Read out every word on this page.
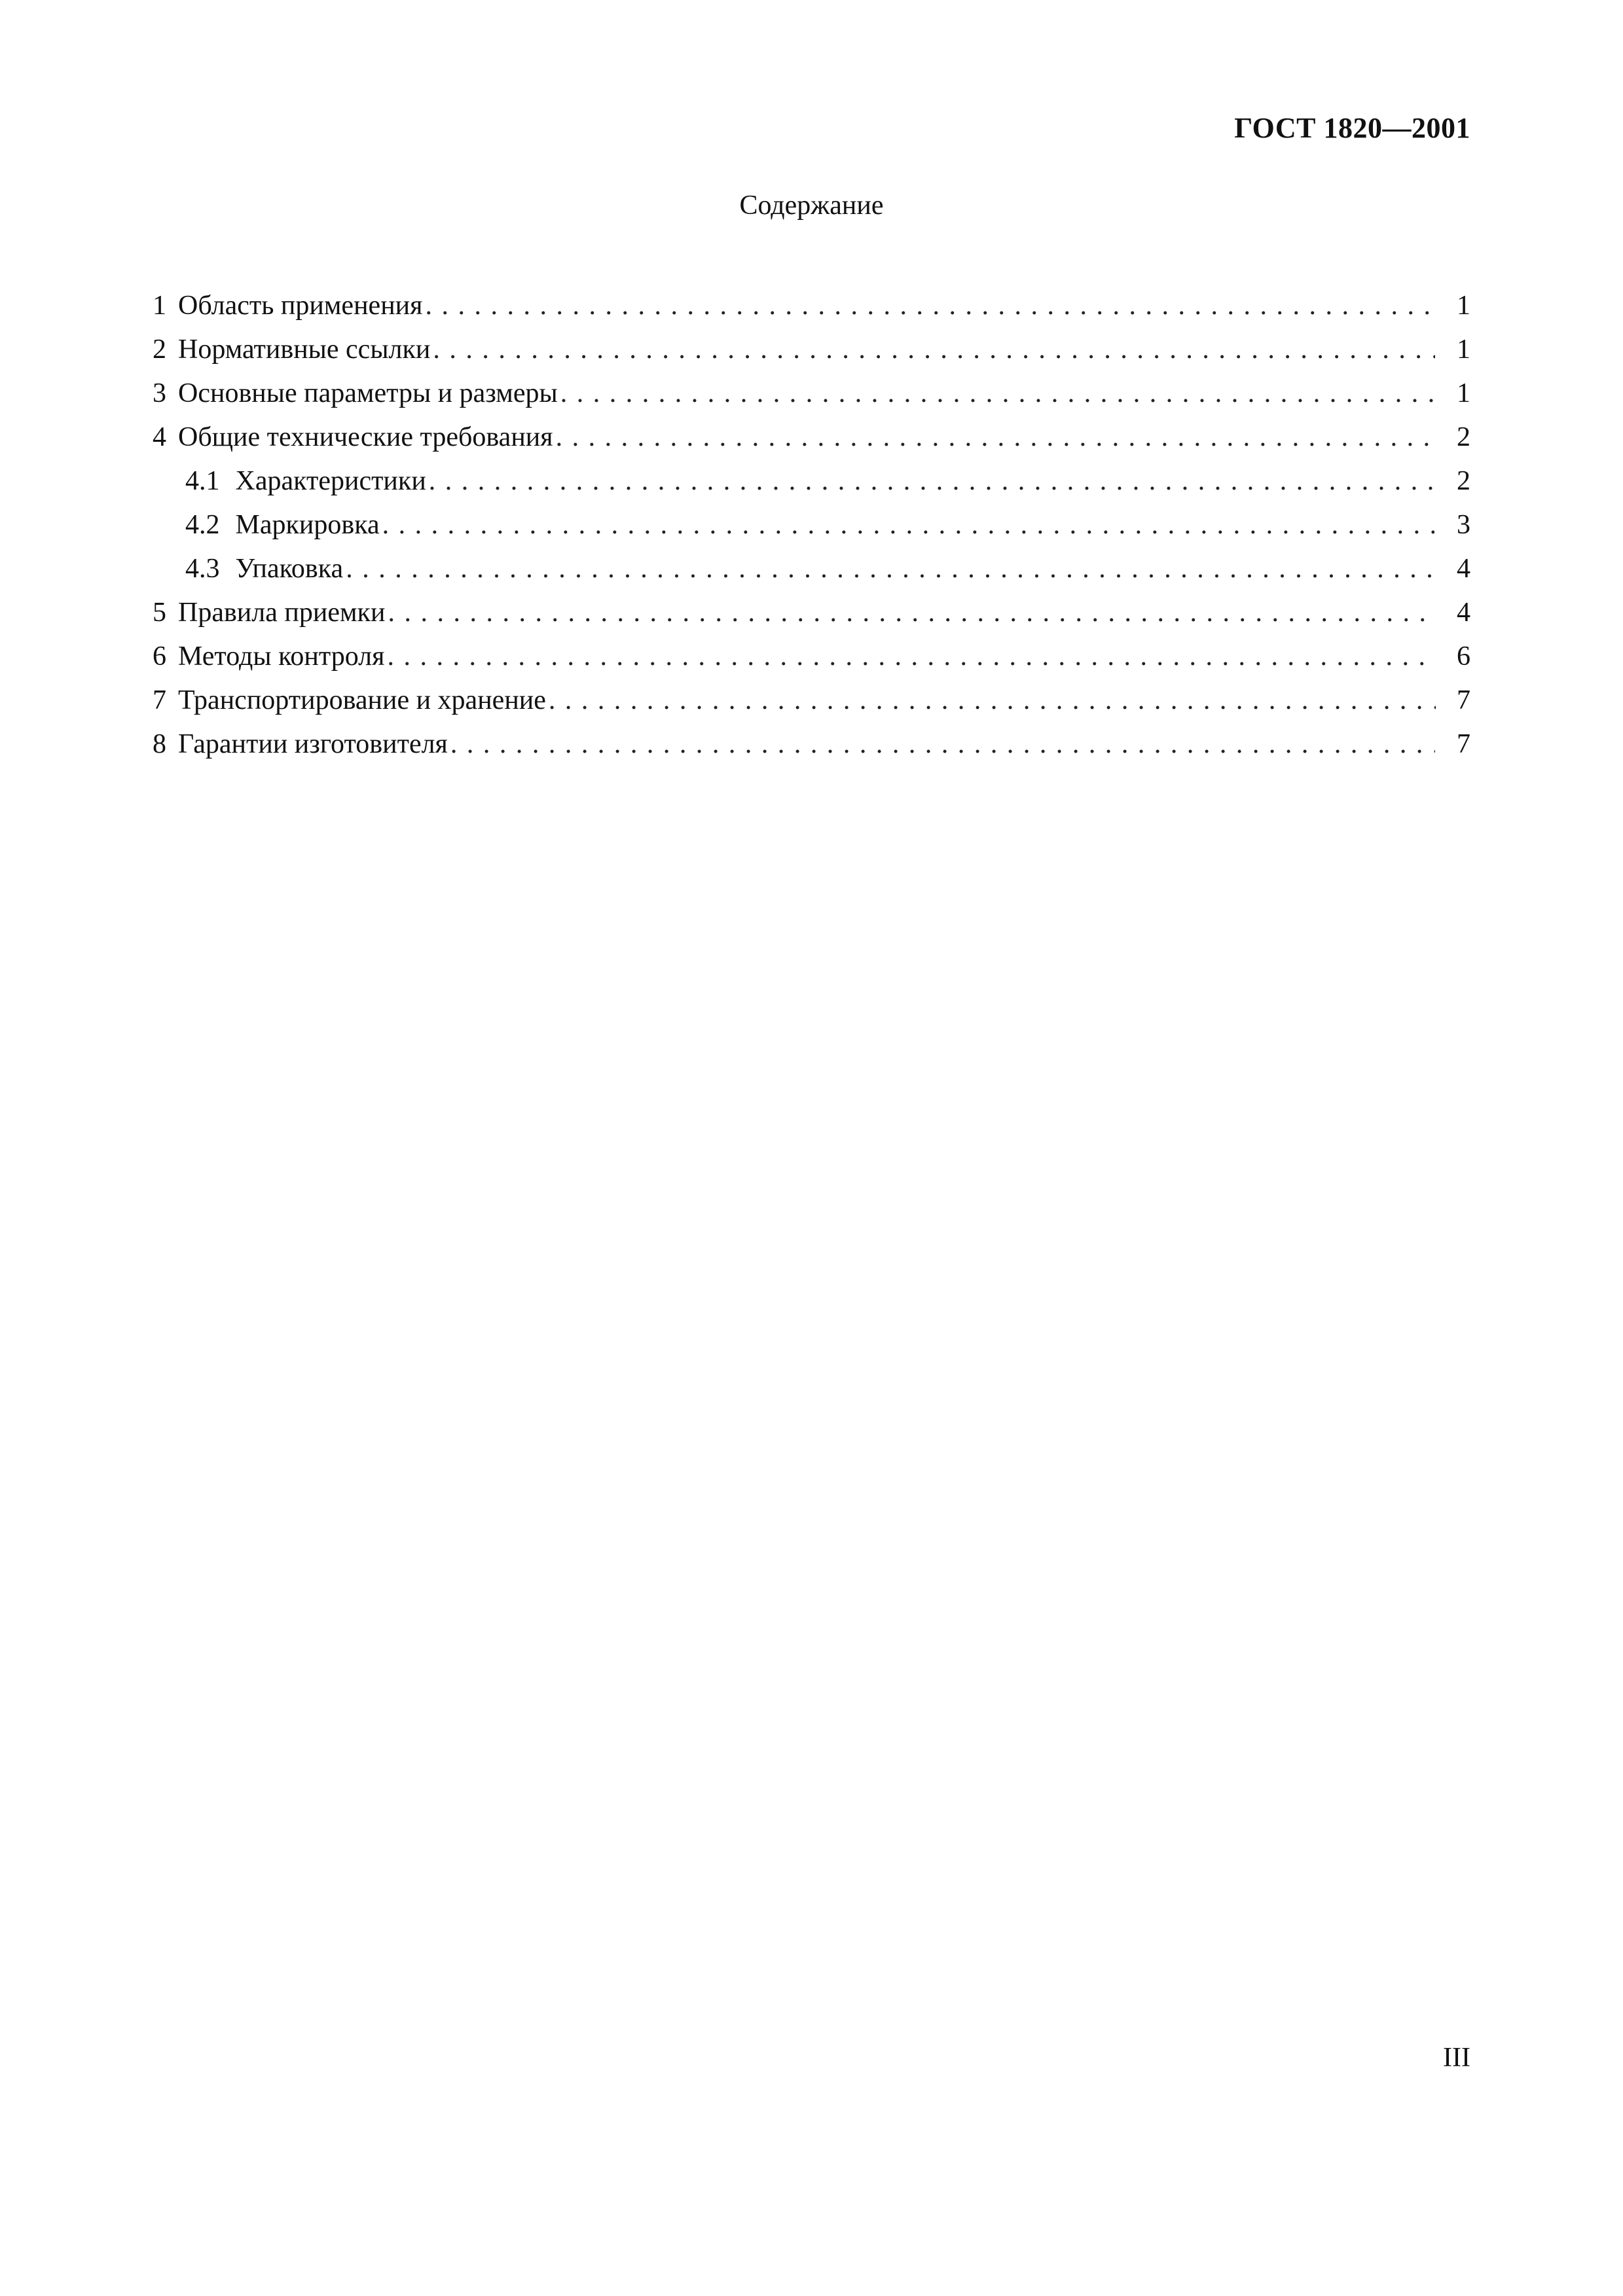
ГОСТ 1820—2001
Содержание
1 Область применения . . .	1
2 Нормативные ссылки . . .	1
3 Основные параметры и размеры . . .	1
4 Общие технические требования . . .	2
4.1 Характеристики . . .	2
4.2 Маркировка . . .	3
4.3 Упаковка . . .	4
5 Правила приемки . . .	4
6 Методы контроля . . .	6
7 Транспортирование и хранение . . .	7
8 Гарантии изготовителя . . .	7
III
